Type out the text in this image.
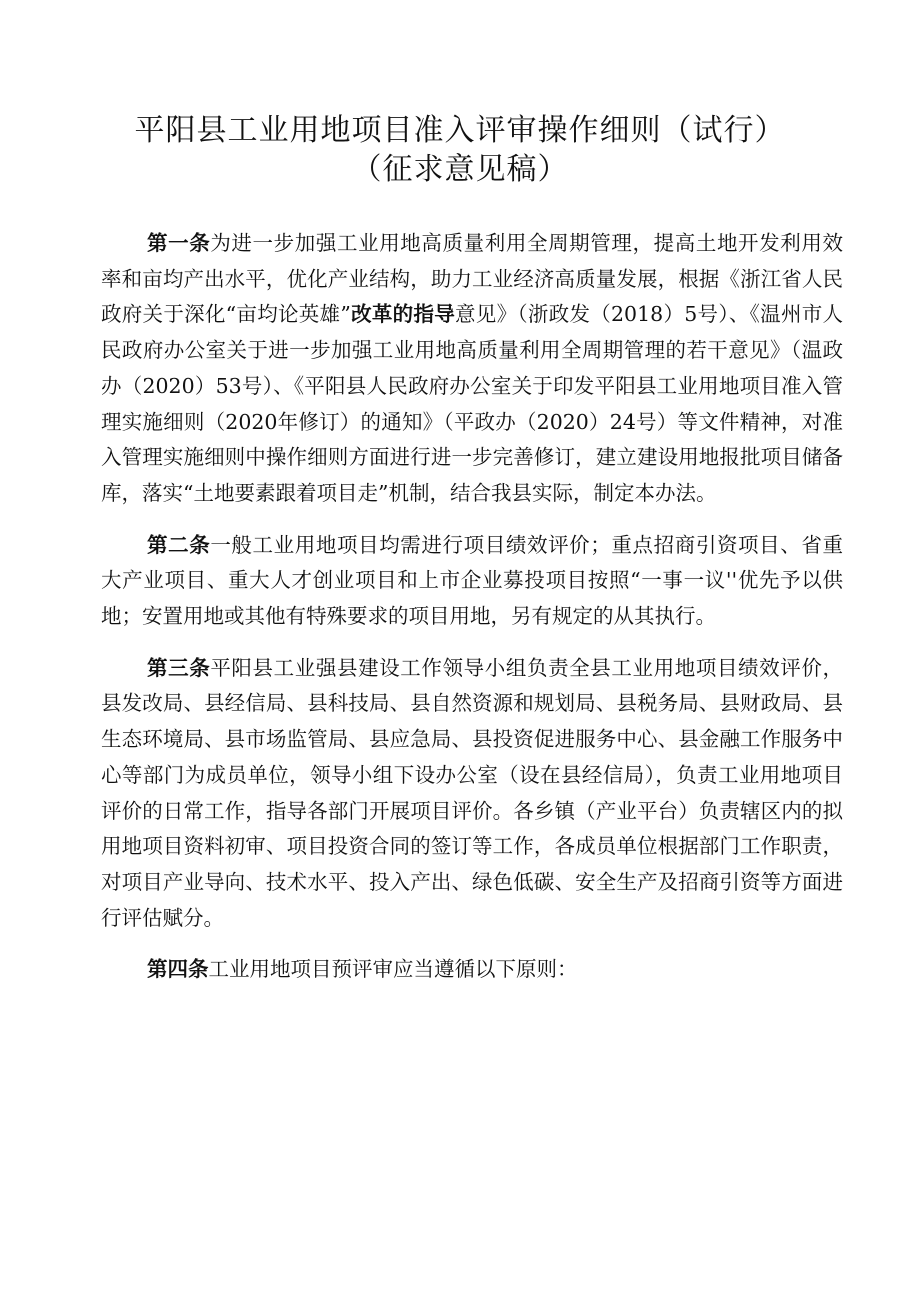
平阳县工业用地项目准入评审操作细则（试行）
（征求意见稿）

第一条为进一步加强工业用地高质量利用全周期管理，提高土地开发利用效率和亩均产出水平，优化产业结构，助力工业经济高质量发展，根据《浙江省人民政府关于深化“亩均论英雄”改革的指导意见》（浙政发（2018）5号）、《温州市人民政府办公室关于进一步加强工业用地高质量利用全周期管理的若干意见》（温政办（2020）53号）、《平阳县人民政府办公室关于印发平阳县工业用地项目准入管理实施细则（2020年修订）的通知》（平政办（2020）24号）等文件精神，对准入管理实施细则中操作细则方面进行进一步完善修订，建立建设用地报批项目储备库，落实“土地要素跟着项目走”机制，结合我县实际，制定本办法。

第二条一般工业用地项目均需进行项目绩效评价；重点招商引资项目、省重大产业项目、重大人才创业项目和上市企业募投项目按照“一事一议''优先予以供地；安置用地或其他有特殊要求的项目用地，另有规定的从其执行。

第三条平阳县工业强县建设工作领导小组负责全县工业用地项目绩效评价，县发改局、县经信局、县科技局、县自然资源和规划局、县税务局、县财政局、县生态环境局、县市场监管局、县应急局、县投资促进服务中心、县金融工作服务中心等部门为成员单位，领导小组下设办公室（设在县经信局），负责工业用地项目评价的日常工作，指导各部门开展项目评价。各乡镇（产业平台）负责辖区内的拟用地项目资料初审、项目投资合同的签订等工作，各成员单位根据部门工作职责，对项目产业导向、技术水平、投入产出、绿色低碳、安全生产及招商引资等方面进行评估赋分。

第四条工业用地项目预评审应当遵循以下原则：
